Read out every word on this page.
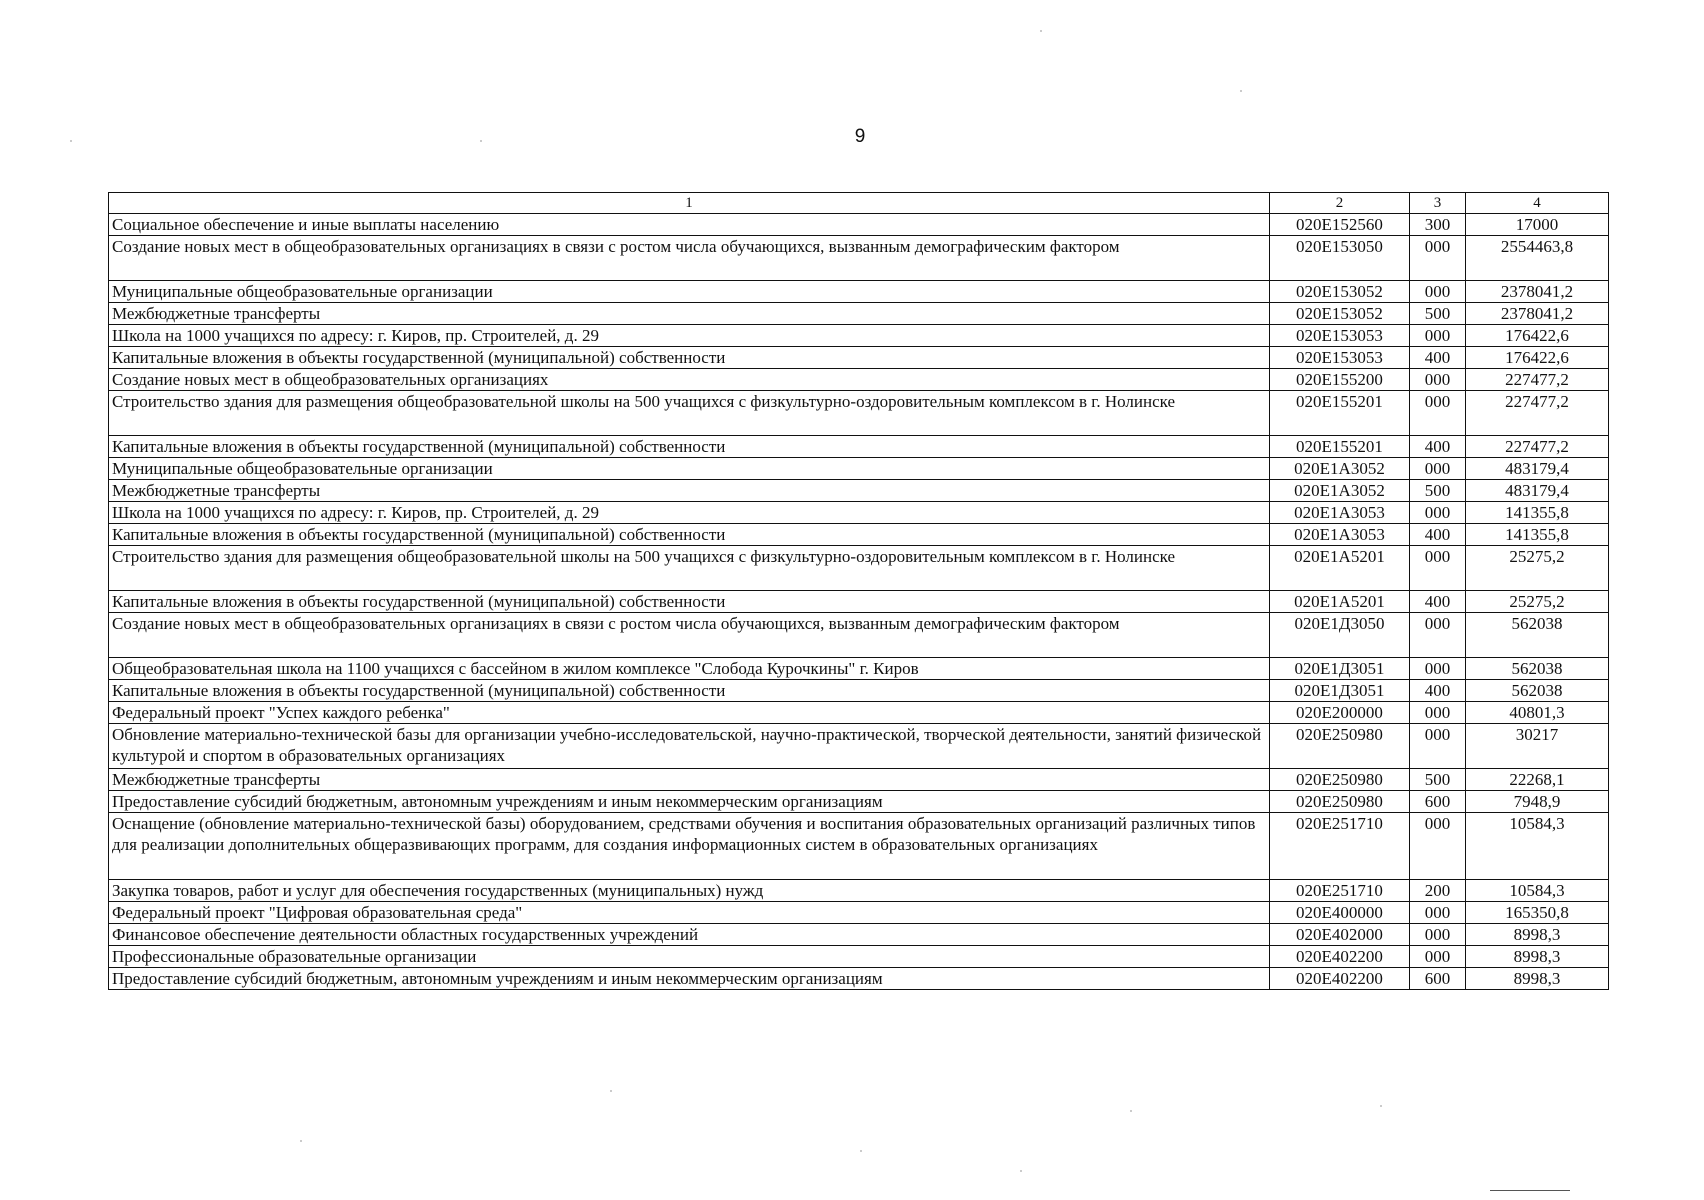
9
1	2	3	4
Социальное обеспечение и иные выплаты населению	020E152560	300	17000
Создание новых мест в общеобразовательных организациях в связи с ростом числа обучающихся, вызванным демографическим фактором	020E153050	000	2554463,8
Муниципальные общеобразовательные организации	020E153052	000	2378041,2
Межбюджетные трансферты	020E153052	500	2378041,2
Школа на 1000 учащихся по адресу: г. Киров, пр. Строителей, д. 29	020E153053	000	176422,6
Капитальные вложения в объекты государственной (муниципальной) собственности	020E153053	400	176422,6
Создание новых мест в общеобразовательных организациях	020E155200	000	227477,2
Строительство здания для размещения общеобразовательной школы на 500 учащихся с физкультурно-оздоровительным комплексом в г. Нолинске	020E155201	000	227477,2
Капитальные вложения в объекты государственной (муниципальной) собственности	020E155201	400	227477,2
Муниципальные общеобразовательные организации	020E1A3052	000	483179,4
Межбюджетные трансферты	020E1A3052	500	483179,4
Школа на 1000 учащихся по адресу: г. Киров, пр. Строителей, д. 29	020E1A3053	000	141355,8
Капитальные вложения в объекты государственной (муниципальной) собственности	020E1A3053	400	141355,8
Строительство здания для размещения общеобразовательной школы на 500 учащихся с физкультурно-оздоровительным комплексом в г. Нолинске	020E1A5201	000	25275,2
Капитальные вложения в объекты государственной (муниципальной) собственности	020E1A5201	400	25275,2
Создание новых мест в общеобразовательных организациях в связи с ростом числа обучающихся, вызванным демографическим фактором	020E1Д3050	000	562038
Общеобразовательная школа на 1100 учащихся с бассейном в жилом комплексе "Слобода Курочкины" г. Киров	020E1Д3051	000	562038
Капитальные вложения в объекты государственной (муниципальной) собственности	020E1Д3051	400	562038
Федеральный проект "Успех каждого ребенка"	020E200000	000	40801,3
Обновление материально-технической базы для организации учебно-исследовательской, научно-практической, творческой деятельности, занятий физической культурой и спортом в образовательных организациях	020E250980	000	30217
Межбюджетные трансферты	020E250980	500	22268,1
Предоставление субсидий бюджетным, автономным учреждениям и иным некоммерческим организациям	020E250980	600	7948,9
Оснащение (обновление материально-технической базы) оборудованием, средствами обучения и воспитания образовательных организаций различных типов для реализации дополнительных общеразвивающих программ, для создания информационных систем в образовательных организациях	020E251710	000	10584,3
Закупка товаров, работ и услуг для обеспечения государственных (муниципальных) нужд	020E251710	200	10584,3
Федеральный проект "Цифровая образовательная среда"	020E400000	000	165350,8
Финансовое обеспечение деятельности областных государственных учреждений	020E402000	000	8998,3
Профессиональные образовательные организации	020E402200	000	8998,3
Предоставление субсидий бюджетным, автономным учреждениям и иным некоммерческим организациям	020E402200	600	8998,3
